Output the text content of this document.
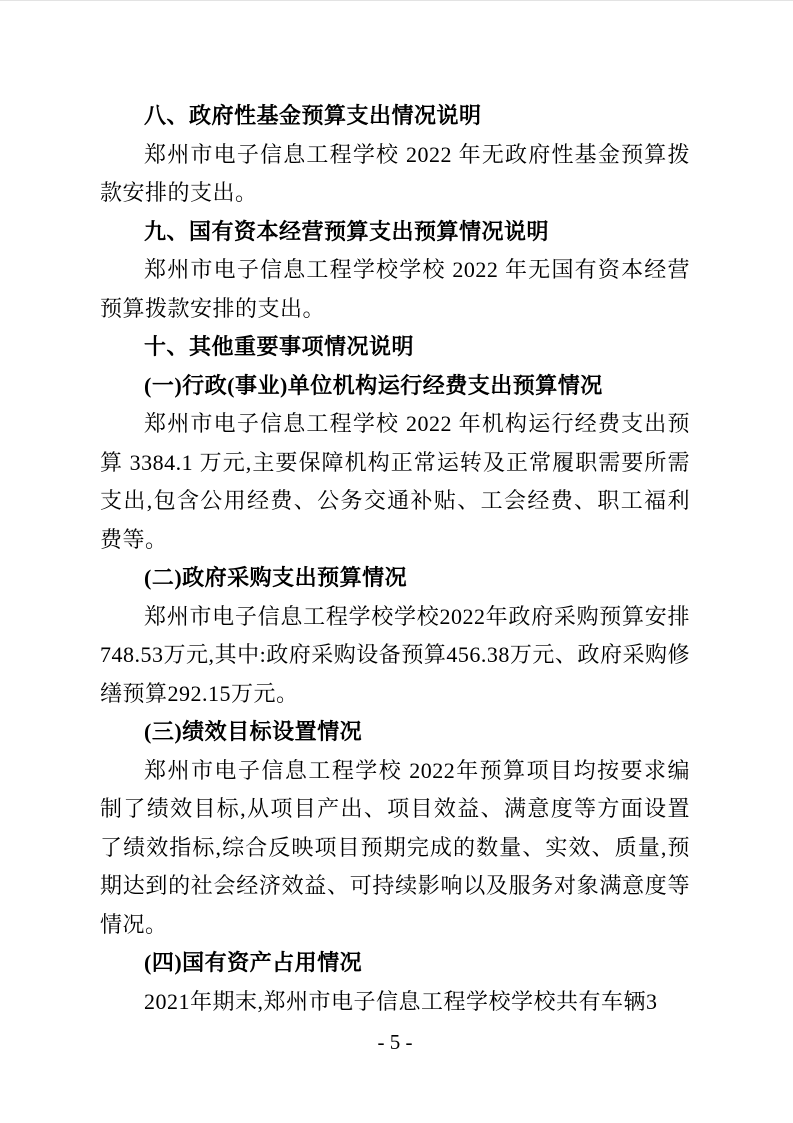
八、政府性基金预算支出情况说明

郑州市电子信息工程学校 2022 年无政府性基金预算拨款安排的支出。

九、国有资本经营预算支出预算情况说明

郑州市电子信息工程学校学校 2022 年无国有资本经营预算拨款安排的支出。

十、其他重要事项情况说明

(一)行政(事业)单位机构运行经费支出预算情况

郑州市电子信息工程学校 2022 年机构运行经费支出预算 3384.1 万元,主要保障机构正常运转及正常履职需要所需支出,包含公用经费、公务交通补贴、工会经费、职工福利费等。

(二)政府采购支出预算情况

郑州市电子信息工程学校学校2022年政府采购预算安排748.53万元,其中:政府采购设备预算456.38万元、政府采购修缮预算292.15万元。

(三)绩效目标设置情况

郑州市电子信息工程学校 2022年预算项目均按要求编制了绩效目标,从项目产出、项目效益、满意度等方面设置了绩效指标,综合反映项目预期完成的数量、实效、质量,预期达到的社会经济效益、可持续影响以及服务对象满意度等情况。

(四)国有资产占用情况

2021年期末,郑州市电子信息工程学校学校共有车辆3

- 5 -
